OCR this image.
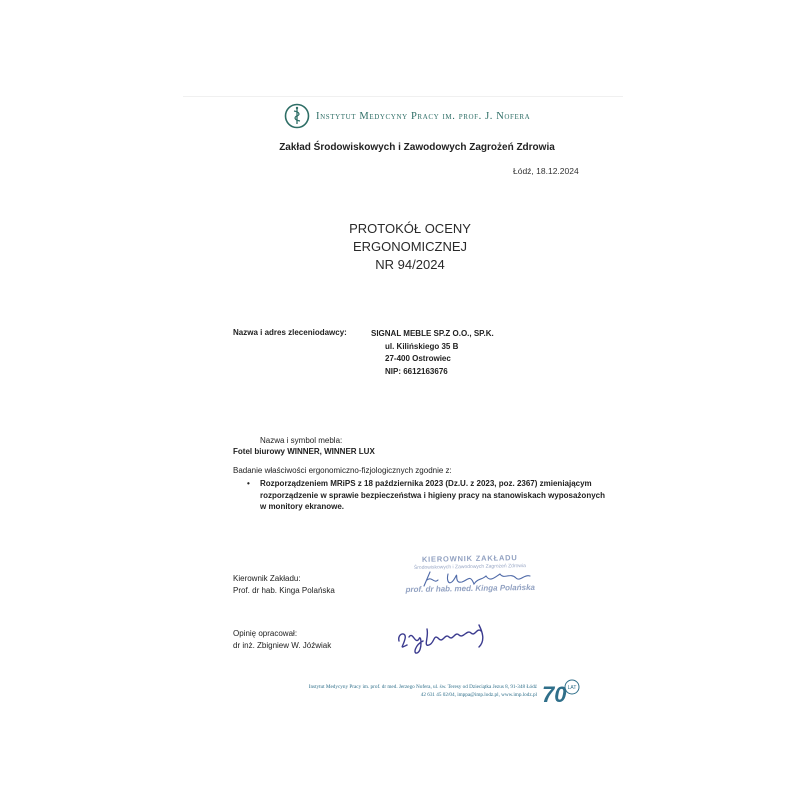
Instytut Medycyny Pracy im. prof. J. Nofera
Zakład Środowiskowych i Zawodowych Zagrożeń Zdrowia
Łódź, 18.12.2024
PROTOKÓŁ OCENY
ERGONOMICZNEJ
NR 94/2024
Nazwa i adres zleceniodawcy:	SIGNAL MEBLE SP.Z O.O., SP.K.
ul. Kilińskiego 35 B
27-400 Ostrowiec
NIP: 6612163676
Nazwa i symbol mebla:
Fotel biurowy WINNER, WINNER LUX
Badanie właściwości ergonomiczno-fizjologicznych zgodnie z:
•	Rozporządzeniem MRiPS z 18 października 2023 (Dz.U. z 2023, poz. 2367) zmieniającym
rozporządzenie w sprawie bezpieczeństwa i higieny pracy na stanowiskach wyposażonych
w monitory ekranowe.
KIEROWNIK ZAKŁADU
Środowiskowych i Zawodowych Zagrożeń Zdrowia
prof. dr hab. med. Kinga Polańska
Kierownik Zakładu:
Prof. dr hab. Kinga Polańska
Opinię opracował:
dr inż. Zbigniew W. Jóźwiak
Instytut Medycyny Pracy im. prof. dr med. Jerzego Nofera, ul. św. Teresy od Dzieciątka Jezus 8, 91-348 Łódź
42 631 45 02/04, imppa@imp.lodz.pl, www.imp.lodz.pl 70 LAT
